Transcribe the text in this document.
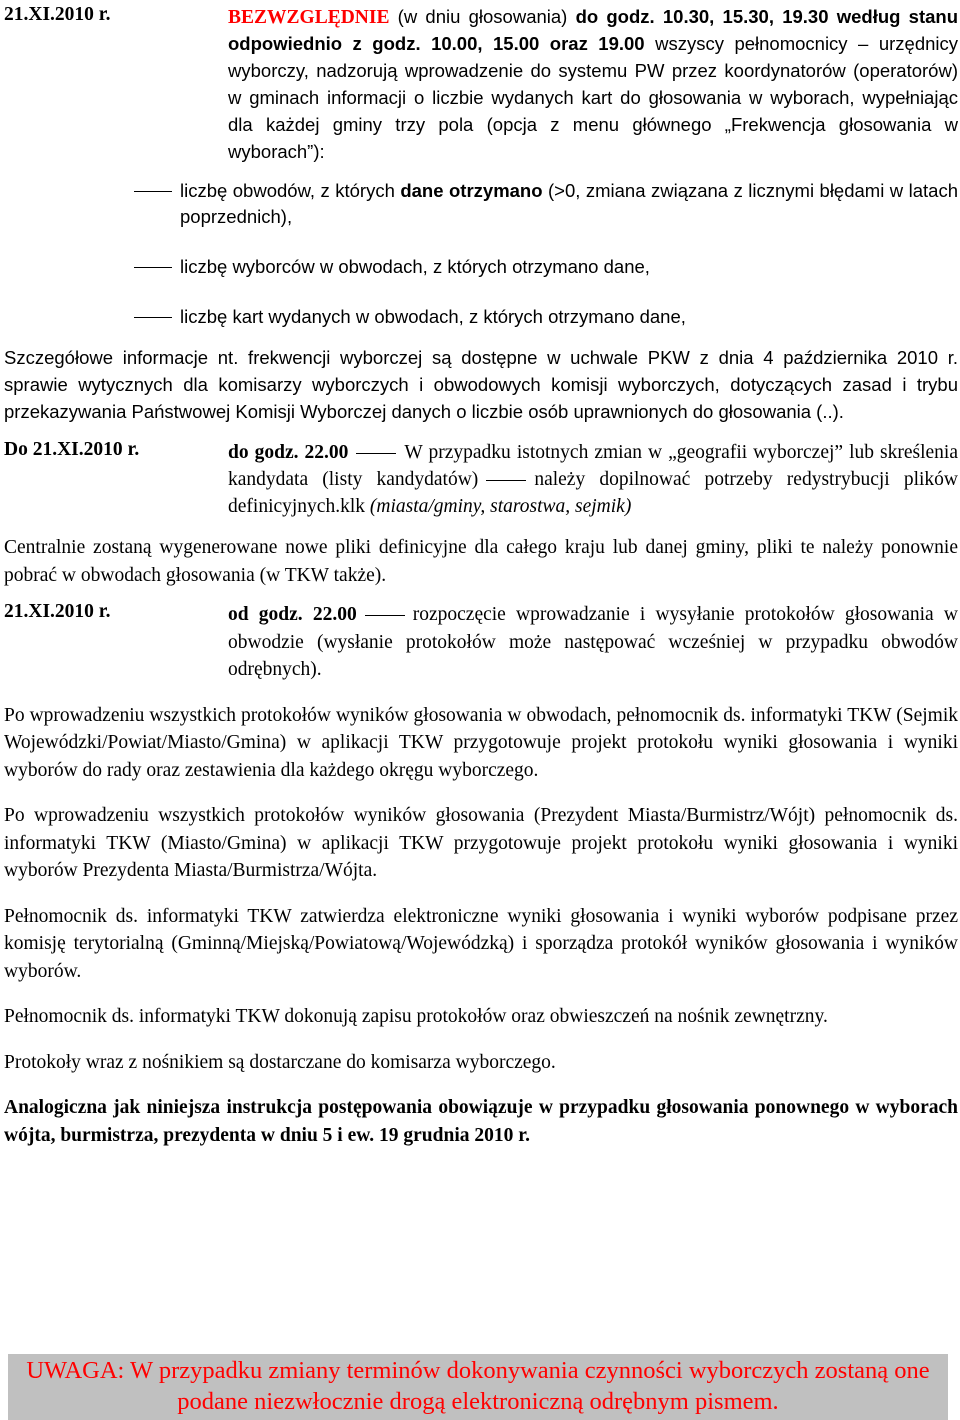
21.XI.2010 r.	BEZWZGLĘDNIE (w dniu głosowania) do godz. 10.30, 15.30, 19.30 według stanu odpowiednio z godz. 10.00, 15.00 oraz 19.00 wszyscy pełnomocnicy – urzędnicy wyborczy, nadzorują wprowadzenie do systemu PW przez koordynatorów (operatorów) w gminach informacji o liczbie wydanych kart do głosowania w wyborach, wypełniając dla każdej gminy trzy pola (opcja z menu głównego „Frekwencja głosowania w wyborach”):
liczbę obwodów, z których dane otrzymano (>0, zmiana związana z licznymi błędami w latach poprzednich),
liczbę wyborców w obwodach, z których otrzymano dane,
liczbę kart wydanych w obwodach, z których otrzymano dane,

Szczegółowe informacje nt. frekwencji wyborczej są dostępne w uchwale PKW z dnia 4 października 2010 r. sprawie wytycznych dla komisarzy wyborczych i obwodowych komisji wyborczych, dotyczących zasad i trybu przekazywania Państwowej Komisji Wyborczej danych o liczbie osób uprawnionych do głosowania (..).

Do 21.XI.2010 r.	do godz. 22.00	W przypadku istotnych zmian w „geografii wyborczej” lub skreślenia kandydata (listy kandydatów)	należy dopilnować potrzeby redystrybucji plików definicyjnych.klk (miasta/gminy, starostwa, sejmik)

Centralnie zostaną wygenerowane nowe pliki definicyjne dla całego kraju lub danej gminy, pliki te należy ponownie pobrać w obwodach głosowania (w TKW także).

21.XI.2010 r.	od godz. 22.00	rozpoczęcie wprowadzanie i wysyłanie protokołów głosowania w obwodzie (wysłanie protokołów może następować wcześniej w przypadku obwodów odrębnych).

Po wprowadzeniu wszystkich protokołów wyników głosowania w obwodach, pełnomocnik ds. informatyki TKW (Sejmik Wojewódzki/Powiat/Miasto/Gmina) w aplikacji TKW przygotowuje projekt protokołu wyniki głosowania i wyniki wyborów do rady oraz zestawienia dla każdego okręgu wyborczego.

Po wprowadzeniu wszystkich protokołów wyników głosowania (Prezydent Miasta/Burmistrz/Wójt) pełnomocnik ds. informatyki TKW (Miasto/Gmina) w aplikacji TKW przygotowuje projekt protokołu wyniki głosowania i wyniki wyborów Prezydenta Miasta/Burmistrza/Wójta.

Pełnomocnik ds. informatyki TKW zatwierdza elektroniczne wyniki głosowania i wyniki wyborów podpisane przez komisję terytorialną (Gminną/Miejską/Powiatową/Wojewódzką) i sporządza protokół wyników głosowania i wyników wyborów.

Pełnomocnik ds. informatyki TKW dokonują zapisu protokołów oraz obwieszczeń na nośnik zewnętrzny.

Protokoły wraz z nośnikiem są dostarczane do komisarza wyborczego.

Analogiczna jak niniejsza instrukcja postępowania obowiązuje w przypadku głosowania ponownego w wyborach wójta, burmistrza, prezydenta w dniu 5 i ew. 19 grudnia 2010 r.

UWAGA: W przypadku zmiany terminów dokonywania czynności wyborczych zostaną one podane niezwłocznie drogą elektroniczną odrębnym pismem.
